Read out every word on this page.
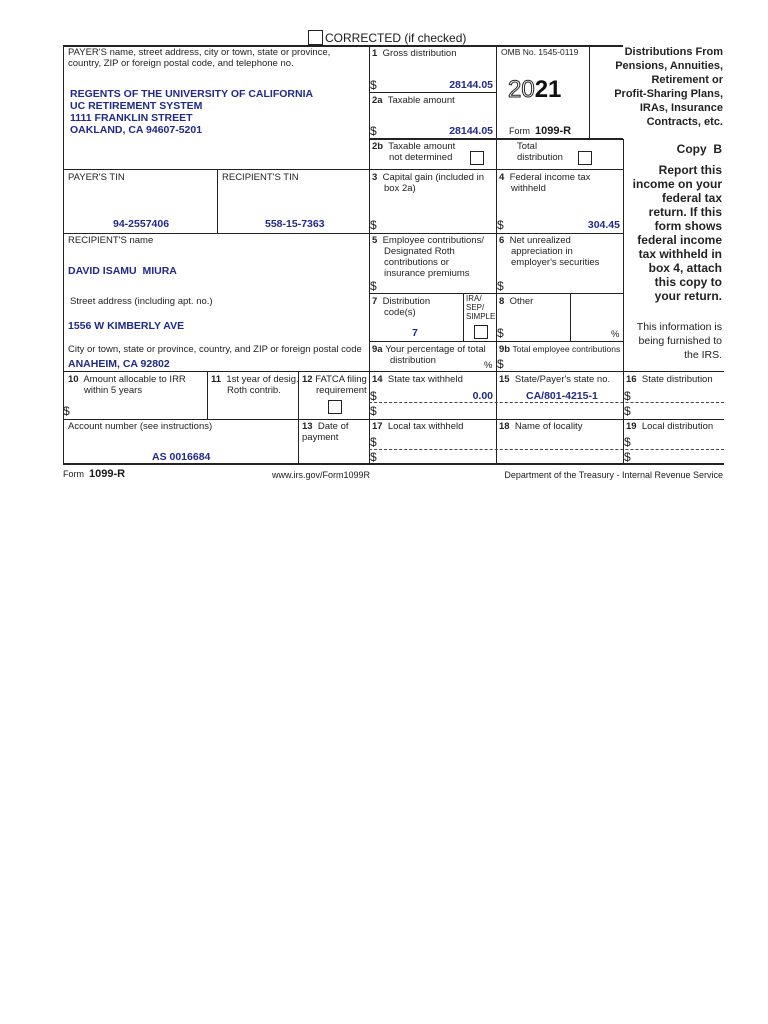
CORRECTED (if checked)
PAYER'S name, street address, city or town, state or province, country, ZIP or foreign postal code, and telephone no.
REGENTS OF THE UNIVERSITY OF CALIFORNIA
UC RETIREMENT SYSTEM
1111 FRANKLIN STREET
OAKLAND, CA 94607-5201
1 Gross distribution
$	28144.05
2a Taxable amount
$	28144.05
OMB No. 1545-0119
2021
Form 1099-R
Distributions From
Pensions, Annuities,
Retirement or
Profit-Sharing Plans,
IRAs, Insurance
Contracts, etc.
2b Taxable amount
not determined
Total
distribution
Copy  B
Report this
income on your
federal tax
return. If this
form shows
federal income
tax withheld in
box 4, attach
this copy to
your return.
This information is
being furnished to
the IRS.
PAYER'S TIN
94-2557406
RECIPIENT'S TIN
558-15-7363
3 Capital gain (included in
box 2a)
$
4 Federal income tax
withheld
$	304.45
RECIPIENT'S name
DAVID ISAMU  MIURA
Street address (including apt. no.)
1556 W KIMBERLY AVE
City or town, state or province, country, and ZIP or foreign postal code
ANAHEIM, CA 92802
5 Employee contributions/
Designated Roth
contributions or
insurance premiums
$
6 Net unrealized
appreciation in
employer's securities
$
7 Distribution
code(s)
7
IRA/
SEP/
SIMPLE
8 Other
$	%
9a Your percentage of total
distribution	%
9b Total employee contributions
$
10 Amount allocable to IRR
within 5 years
$
11 1st year of desig.
Roth contrib.
12 FATCA filing
requirement
14 State tax withheld
$	0.00
$
15 State/Payer's state no.
CA/801-4215-1
16 State distribution
$
$
Account number (see instructions)
AS 0016684
13 Date of
payment
17 Local tax withheld
$
$
18 Name of locality	19 Local distribution
$
$
Form 1099-R	www.irs.gov/Form1099R	Department of the Treasury - Internal Revenue Service
